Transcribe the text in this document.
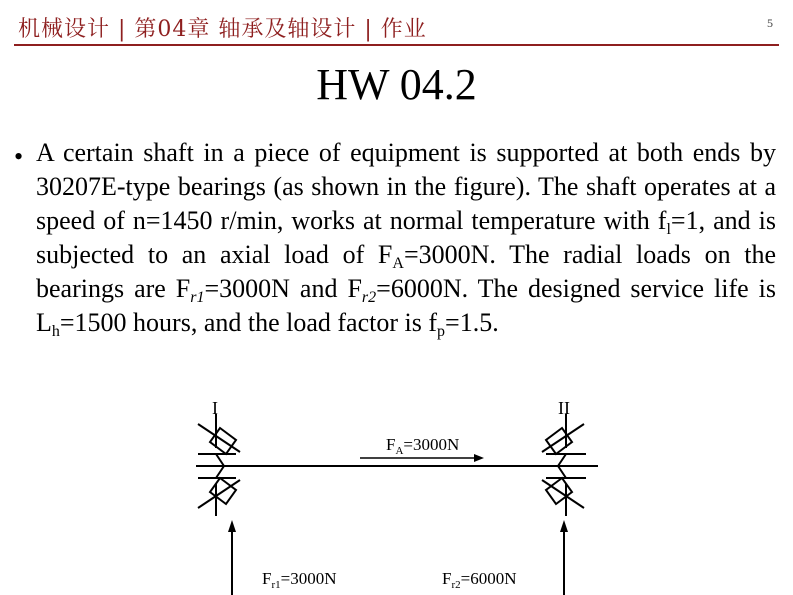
机械设计 | 第04章 轴承及轴设计 | 作业	5
HW 04.2
• A certain shaft in a piece of equipment is supported at both ends by 30207E-type bearings (as shown in the figure). The shaft operates at a speed of n=1450 r/min, works at normal temperature with $f_l=1$, and is subjected to an axial load of $F_A=3000N$. The radial loads on the bearings are $F_{r1}=3000N$ and $F_{r2}=6000N$. The designed service life is $L_h=1500$ hours, and the load factor is $f_p=1.5$.
I	II
$F_A=3000N$
$F_{r1}=3000N$	$F_{r2}=6000N$
